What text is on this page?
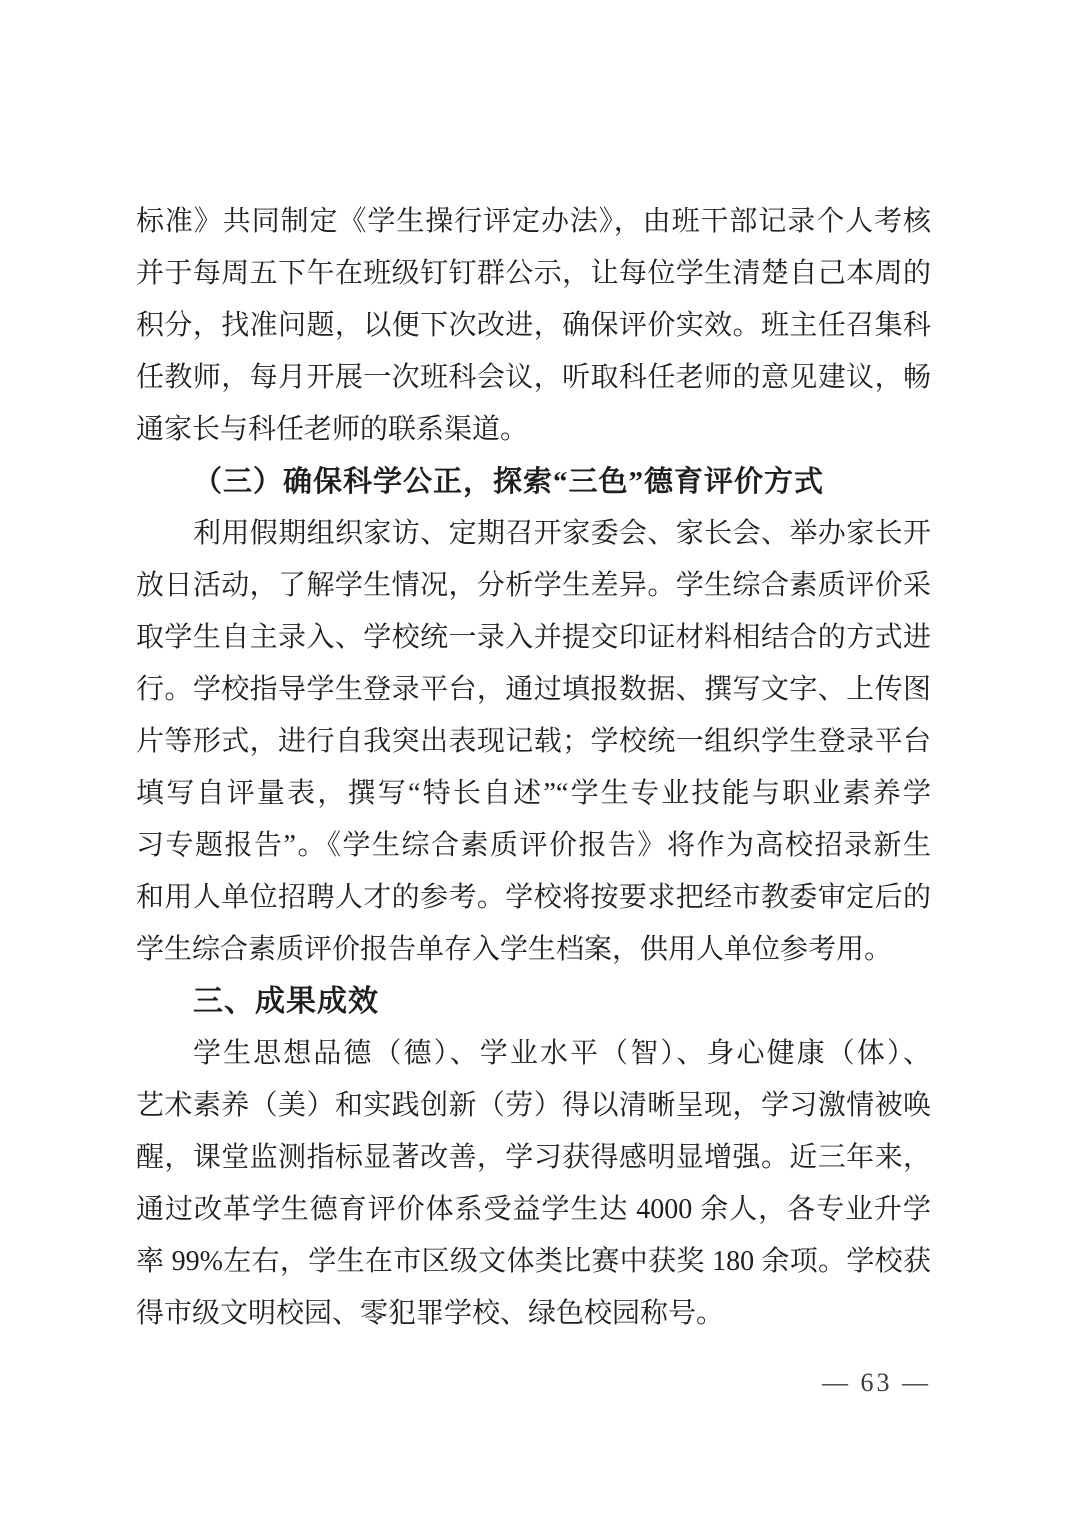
标准》共同制定《学生操行评定办法》，由班干部记录个人考核
并于每周五下午在班级钉钉群公示，让每位学生清楚自己本周的
积分，找准问题，以便下次改进，确保评价实效。班主任召集科
任教师，每月开展一次班科会议，听取科任老师的意见建议，畅
通家长与科任老师的联系渠道。
（三）确保科学公正，探索“三色”德育评价方式
利用假期组织家访、定期召开家委会、家长会、举办家长开
放日活动，了解学生情况，分析学生差异。学生综合素质评价采
取学生自主录入、学校统一录入并提交印证材料相结合的方式进
行。学校指导学生登录平台，通过填报数据、撰写文字、上传图
片等形式，进行自我突出表现记载；学校统一组织学生登录平台
填写自评量表，撰写“特长自述”“学生专业技能与职业素养学
习专题报告”。《学生综合素质评价报告》将作为高校招录新生
和用人单位招聘人才的参考。学校将按要求把经市教委审定后的
学生综合素质评价报告单存入学生档案，供用人单位参考用。
三、成果成效
学生思想品德（德）、学业水平（智）、身心健康（体）、
艺术素养（美）和实践创新（劳）得以清晰呈现，学习激情被唤
醒，课堂监测指标显著改善，学习获得感明显增强。近三年来，
通过改革学生德育评价体系受益学生达 4000 余人，各专业升学
率 99%左右，学生在市区级文体类比赛中获奖 180 余项。学校获
得市级文明校园、零犯罪学校、绿色校园称号。
— 63 —
